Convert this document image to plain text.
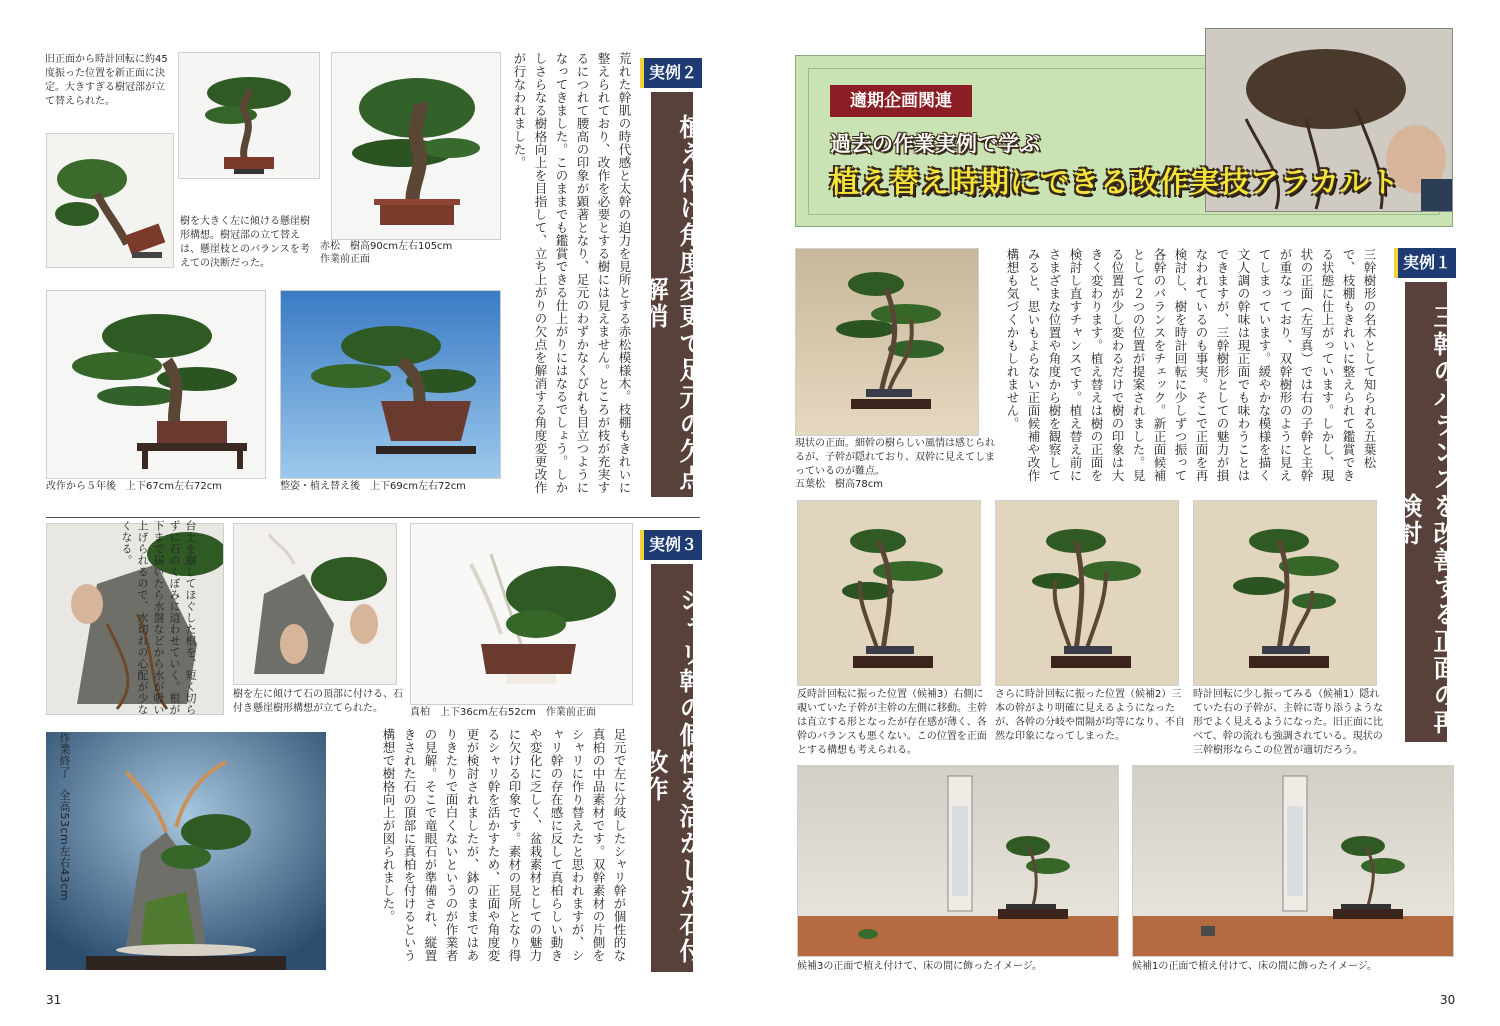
旧正面から時計回転に約45度振った位置を新正面に決定。大きすぎる樹冠部が立て替えられた。
樹を大きく左に傾ける懸崖樹形構想。樹冠部の立て替えは、懸崖枝とのバランスを考えての決断だった。
赤松　樹高90cm左右105cm
作業前正面
改作から５年後　上下67cm左右72cm	整姿・植え替え後　上下69cm左右72cm	荒れた幹肌の時代感と太幹の迫力を見所とする赤松模様木。枝棚もきれいに整えられており、改作を必要とする樹には見えません。ところが枝が充実するにつれて腰高の印象が顕著となり、足元のわずかなくびれも目立つようになってきました。このままでも鑑賞できる仕上がりにはなるでしょう。しかしさらなる樹格向上を目指して、立ち上がりの欠点を解消する角度変更改作が行なわれました。	実例２
植え付け角度変更で足元の欠点解消
台土を崩してほぐした根を、短く切らずに石のくぼみに這わせていく。根が下まで届いたら水盤などから水が吸い上げられるので、水切れの心配が少なくなる。
樹を左に傾けて石の頂部に付ける、石付き懸崖樹形構想が立てられた。	真柏　上下36cm左右52cm　作業前正面
作業終了　全高53cm左右43cm	足元で左に分岐したシャリ幹が個性的な真柏の中品素材です。双幹素材の片側をシャリに作り替えたと思われますが、シャリ幹の存在感に反して真柏らしい動きや変化に乏しく、盆栽素材としての魅力に欠ける印象です。素材の見所となり得るシャリ幹を活かすため、正面や角度変更が検討されましたが、鉢のままではありきたりで面白くないというのが作業者の見解。そこで竜眼石が準備され、縦置きされた石の頂部に真柏を付けるという構想で樹格向上が図られました。
実例３
シャリ幹の個性を活かした石付改作
31
適期企画関連
過去の作業実例で学ぶ
植え替え時期にできる改作実技アラカルト
現状の正面。細幹の樹らしい風情は感じられるが、子幹が隠れており、双幹に見えてしまっているのが難点。
五葉松　樹高78cm
三幹樹形の名木として知られる五葉松で、枝棚もきれいに整えられて鑑賞できる状態に仕上がっています。しかし、現状の正面（左写真）では右の子幹と主幹が重なっており、双幹樹形のように見えてしまっています。緩やかな模様を描く文人調の幹味は現正面でも味わうことはできますが、三幹樹形としての魅力が損なわれているのも事実。そこで正面を再検討し、樹を時計回転に少しずつ振って各幹のバランスをチェック。新正面候補として２つの位置が提案されました。見る位置が少し変わるだけで樹の印象は大きく変わります。植え替えは樹の正面を検討し直すチャンスです。植え替え前にさまざまな位置や角度から樹を観察してみると、思いもよらない正面候補や改作構想も気づくかもしれません。	実例１
三幹のバランスを改善する正面の再検討
反時計回転に振った位置（候補3）右側に覗いていた子幹が主幹の左側に移動。主幹は直立する形となったが存在感が薄く、各幹のバランスも悪くない。この位置を正面とする構想も考えられる。
さらに時計回転に振った位置（候補2）三本の幹がより明確に見えるようになったが、各幹の分岐や間隔が均等になり、不自然な印象になってしまった。
時計回転に少し振ってみる（候補1）隠れていた右の子幹が、主幹に寄り添うような形でよく見えるようになった。旧正面に比べて、幹の流れも強調されている。現状の三幹樹形ならこの位置が適切だろう。
候補3の正面で植え付けて、床の間に飾ったイメージ。	候補1の正面で植え付けて、床の間に飾ったイメージ。
30
